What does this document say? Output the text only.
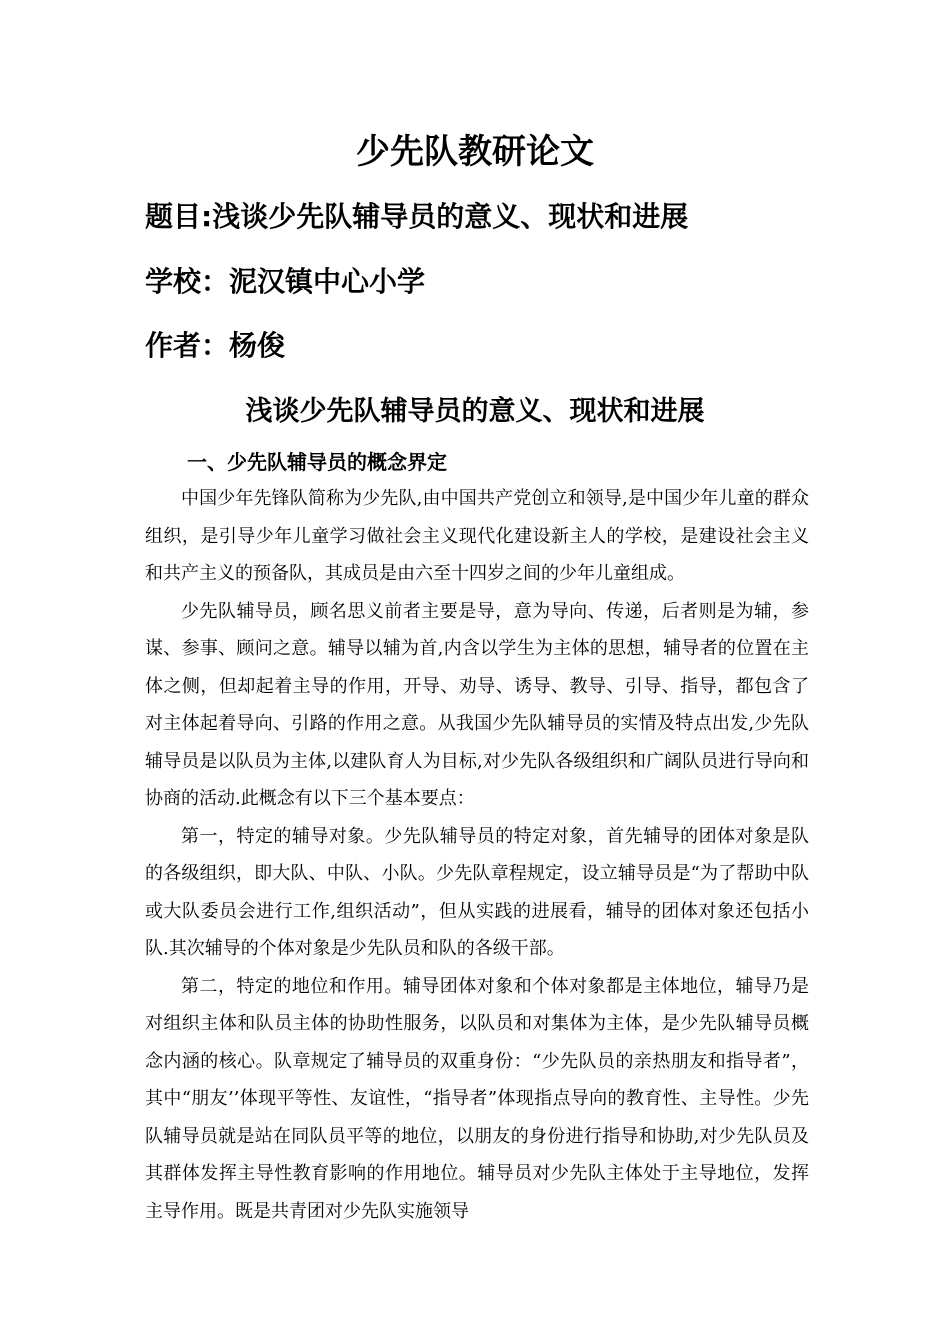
少先队教研论文
题目:浅谈少先队辅导员的意义、现状和进展
学校：泥汉镇中心小学
作者：杨俊
浅谈少先队辅导员的意义、现状和进展
一、少先队辅导员的概念界定

中国少年先锋队简称为少先队,由中国共产党创立和领导,是中国少年儿童的群众组织，是引导少年儿童学习做社会主义现代化建设新主人的学校，是建设社会主义和共产主义的预备队，其成员是由六至十四岁之间的少年儿童组成。

少先队辅导员，顾名思义前者主要是导，意为导向、传递，后者则是为辅，参谋、参事、顾问之意。辅导以辅为首,内含以学生为主体的思想，辅导者的位置在主体之侧，但却起着主导的作用，开导、劝导、诱导、教导、引导、指导，都包含了对主体起着导向、引路的作用之意。从我国少先队辅导员的实情及特点出发,少先队辅导员是以队员为主体,以建队育人为目标,对少先队各级组织和广阔队员进行导向和协商的活动.此概念有以下三个基本要点：

第一，特定的辅导对象。少先队辅导员的特定对象，首先辅导的团体对象是队的各级组织，即大队、中队、小队。少先队章程规定，设立辅导员是“为了帮助中队或大队委员会进行工作,组织活动”，但从实践的进展看，辅导的团体对象还包括小队.其次辅导的个体对象是少先队员和队的各级干部。

第二，特定的地位和作用。辅导团体对象和个体对象都是主体地位，辅导乃是对组织主体和队员主体的协助性服务，以队员和对集体为主体，是少先队辅导员概念内涵的核心。队章规定了辅导员的双重身份：“少先队员的亲热朋友和指导者”，其中“朋友’’体现平等性、友谊性，“指导者”体现指点导向的教育性、主导性。少先队辅导员就是站在同队员平等的地位，以朋友的身份进行指导和协助,对少先队员及其群体发挥主导性教育影响的作用地位。辅导员对少先队主体处于主导地位，发挥主导作用。既是共青团对少先队实施领导
